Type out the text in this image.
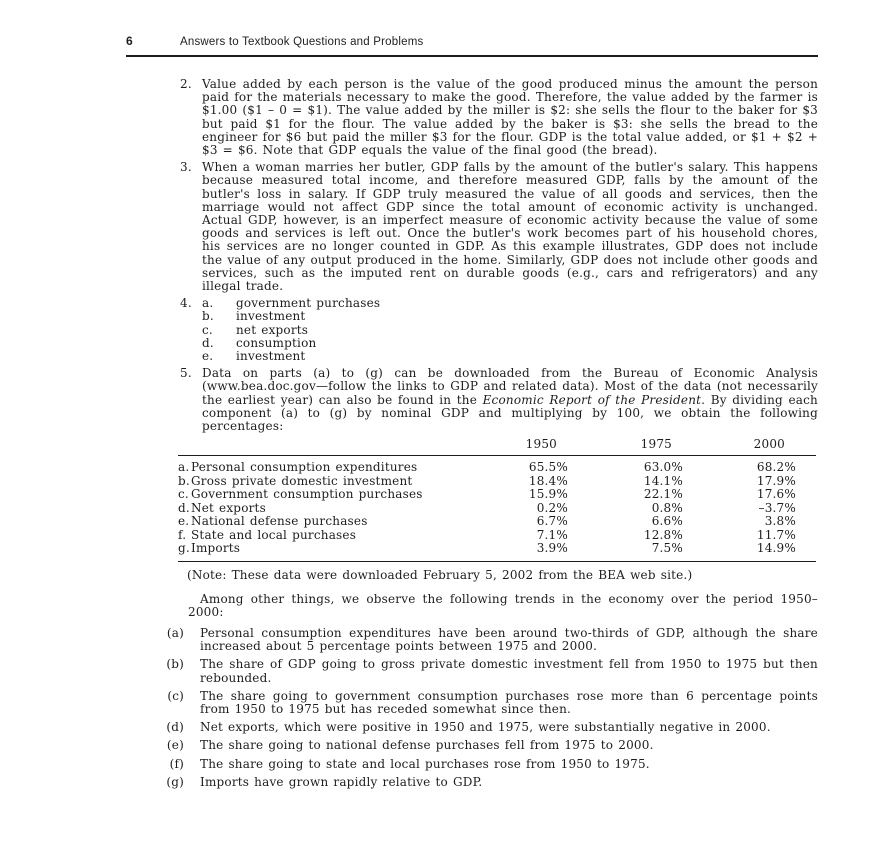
6	Answers to Textbook Questions and Problems
2. Value added by each person is the value of the good produced minus the amount the person paid for the materials necessary to make the good. Therefore, the value added by the farmer is $1.00 ($1 – 0 = $1). The value added by the miller is $2: she sells the flour to the baker for $3 but paid $1 for the flour. The value added by the baker is $3: she sells the bread to the engineer for $6 but paid the miller $3 for the flour. GDP is the total value added, or $1 + $2 + $3 = $6. Note that GDP equals the value of the final good (the bread).
3. When a woman marries her butler, GDP falls by the amount of the butler's salary. This happens because measured total income, and therefore measured GDP, falls by the amount of the butler's loss in salary. If GDP truly measured the value of all goods and services, then the marriage would not affect GDP since the total amount of economic activity is unchanged. Actual GDP, however, is an imperfect measure of economic activity because the value of some goods and services is left out. Once the butler's work becomes part of his household chores, his services are no longer counted in GDP. As this example illustrates, GDP does not include the value of any output produced in the home. Similarly, GDP does not include other goods and services, such as the imputed rent on durable goods (e.g., cars and refrigerators) and any illegal trade.
4. a.	government purchases
b.	investment
c.	net exports
d.	consumption
e.	investment
5. Data on parts (a) to (g) can be downloaded from the Bureau of Economic Analysis (www.bea.doc.gov—follow the links to GDP and related data). Most of the data (not necessarily the earliest year) can also be found in the Economic Report of the President. By dividing each component (a) to (g) by nominal GDP and multiplying by 100, we obtain the following percentages:
1950	1975	2000
a. Personal consumption expenditures	65.5%	63.0%	68.2%
b. Gross private domestic investment	18.4%	14.1%	17.9%
c. Government consumption purchases	15.9%	22.1%	17.6%
d. Net exports	0.2%	0.8%	–3.7%
e. National defense purchases	6.7%	6.6%	3.8%
f. State and local purchases	7.1%	12.8%	11.7%
g. Imports	3.9%	7.5%	14.9%
(Note: These data were downloaded February 5, 2002 from the BEA web site.)
Among other things, we observe the following trends in the economy over the period 1950–2000:
(a) Personal consumption expenditures have been around two-thirds of GDP, although the share increased about 5 percentage points between 1975 and 2000.
(b) The share of GDP going to gross private domestic investment fell from 1950 to 1975 but then rebounded.
(c) The share going to government consumption purchases rose more than 6 percentage points from 1950 to 1975 but has receded somewhat since then.
(d) Net exports, which were positive in 1950 and 1975, were substantially negative in 2000.
(e) The share going to national defense purchases fell from 1975 to 2000.
(f) The share going to state and local purchases rose from 1950 to 1975.
(g) Imports have grown rapidly relative to GDP.
